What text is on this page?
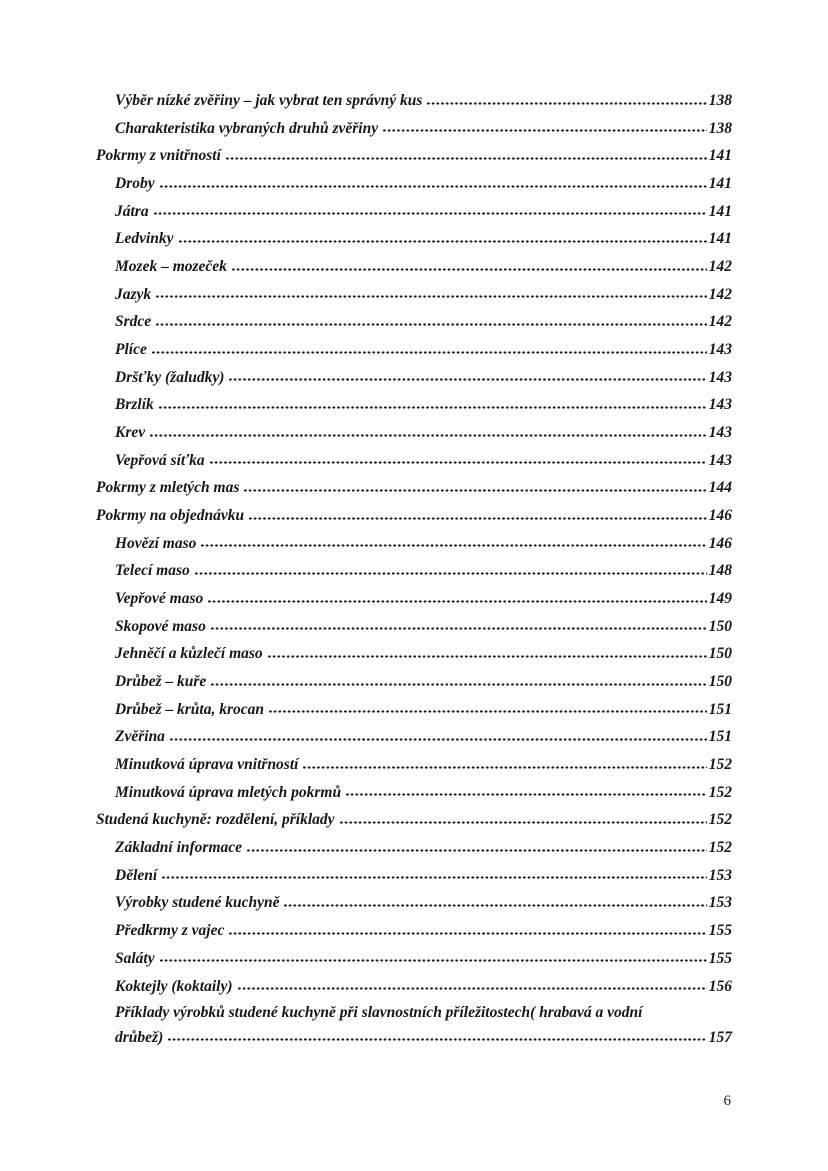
Výběr nízké zvěřiny – jak vybrat ten správný kus	138
Charakteristika vybraných druhů zvěřiny	138
Pokrmy z vnitřností	141
Droby	141
Játra	141
Ledvinky	141
Mozek – mozeček	142
Jazyk	142
Srdce	142
Plíce	143
Dršťky (žaludky)	143
Brzlík	143
Krev	143
Vepřová síťka	143
Pokrmy z mletých mas	144
Pokrmy na objednávku	146
Hovězí maso	146
Telecí maso	148
Vepřové maso	149
Skopové maso	150
Jehněčí a kůzlečí maso	150
Drůbež – kuře	150
Drůbež – krůta, krocan	151
Zvěřina	151
Minutková úprava vnitřností	152
Minutková úprava mletých pokrmů	152
Studená kuchyně: rozdělení, příklady	152
Základní informace	152
Dělení	153
Výrobky studené kuchyně	153
Předkrmy z vajec	155
Saláty	155
Koktejly (koktaily)	156
Příklady výrobků studené kuchyně při slavnostních příležitostech( hrabavá a vodní
drůbež)	157
6
